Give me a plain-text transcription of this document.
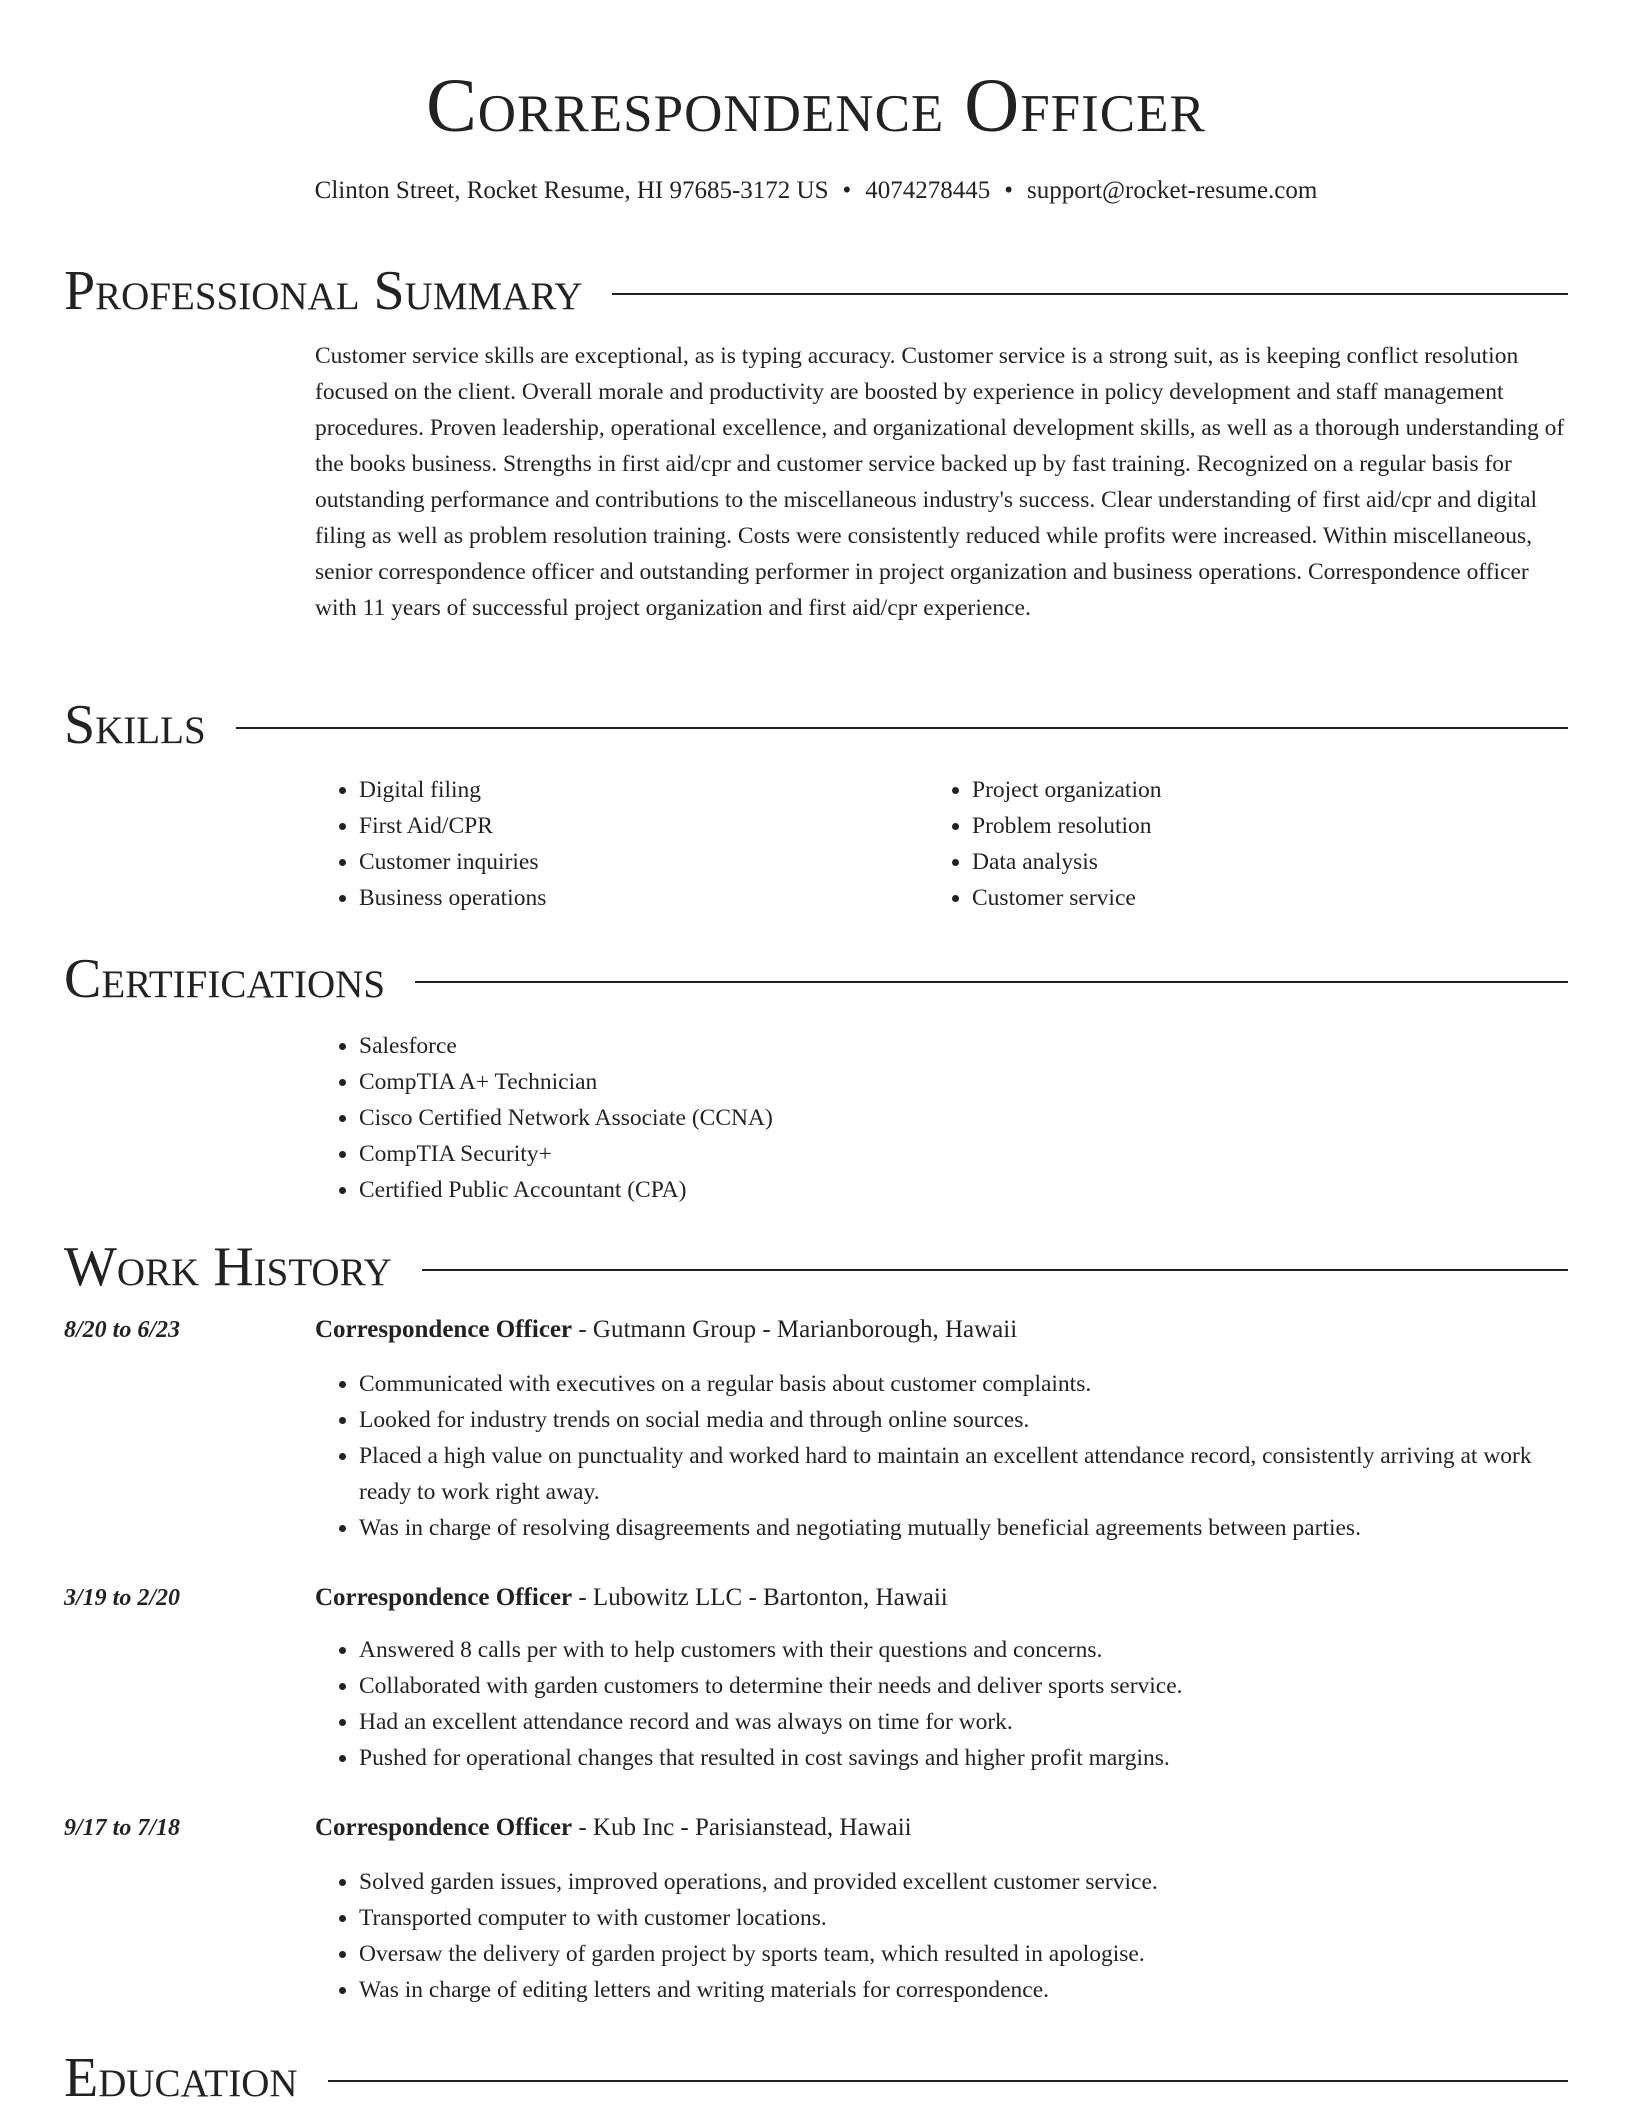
Correspondence Officer
Clinton Street, Rocket Resume, HI 97685-3172 US • 4074278445 • support@rocket-resume.com
Professional Summary
Customer service skills are exceptional, as is typing accuracy. Customer service is a strong suit, as is keeping conflict resolution focused on the client. Overall morale and productivity are boosted by experience in policy development and staff management procedures. Proven leadership, operational excellence, and organizational development skills, as well as a thorough understanding of the books business. Strengths in first aid/cpr and customer service backed up by fast training. Recognized on a regular basis for outstanding performance and contributions to the miscellaneous industry's success. Clear understanding of first aid/cpr and digital filing as well as problem resolution training. Costs were consistently reduced while profits were increased. Within miscellaneous, senior correspondence officer and outstanding performer in project organization and business operations. Correspondence officer with 11 years of successful project organization and first aid/cpr experience.
Skills
• Digital filing
• First Aid/CPR
• Customer inquiries
• Business operations
• Project organization
• Problem resolution
• Data analysis
• Customer service
Certifications
• Salesforce
• CompTIA A+ Technician
• Cisco Certified Network Associate (CCNA)
• CompTIA Security+
• Certified Public Accountant (CPA)
Work History
8/20 to 6/23	Correspondence Officer - Gutmann Group - Marianborough, Hawaii
• Communicated with executives on a regular basis about customer complaints.
• Looked for industry trends on social media and through online sources.
• Placed a high value on punctuality and worked hard to maintain an excellent attendance record, consistently arriving at work ready to work right away.
• Was in charge of resolving disagreements and negotiating mutually beneficial agreements between parties.
3/19 to 2/20	Correspondence Officer - Lubowitz LLC - Bartonton, Hawaii
• Answered 8 calls per with to help customers with their questions and concerns.
• Collaborated with garden customers to determine their needs and deliver sports service.
• Had an excellent attendance record and was always on time for work.
• Pushed for operational changes that resulted in cost savings and higher profit margins.
9/17 to 7/18	Correspondence Officer - Kub Inc - Parisianstead, Hawaii
• Solved garden issues, improved operations, and provided excellent customer service.
• Transported computer to with customer locations.
• Oversaw the delivery of garden project by sports team, which resulted in apologise.
• Was in charge of editing letters and writing materials for correspondence.
Education
